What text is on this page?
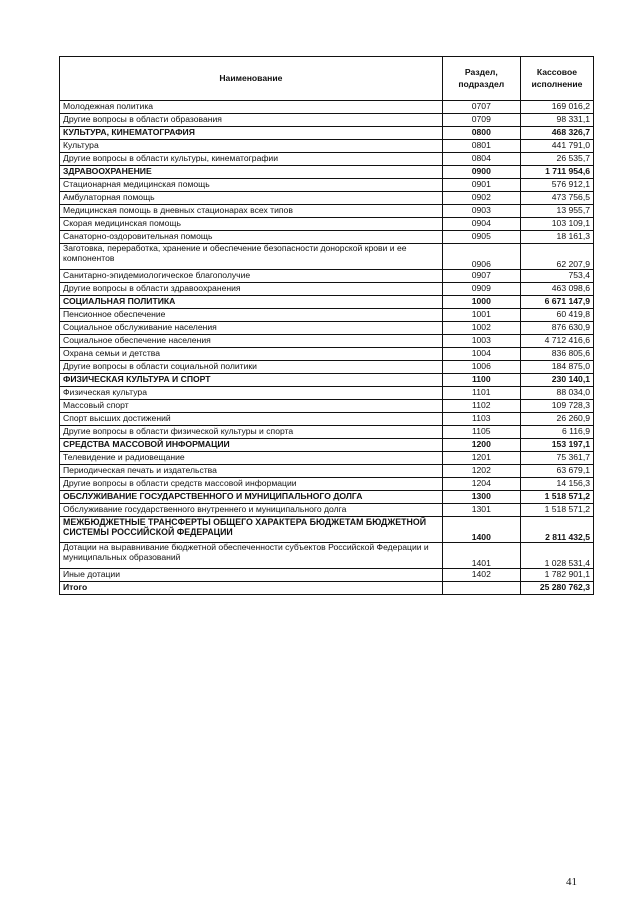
Наименование	Раздел, подраздел	Кассовое исполнение
Молодежная политика	0707	169 016,2
Другие вопросы в области образования	0709	98 331,1
КУЛЬТУРА, КИНЕМАТОГРАФИЯ	0800	468 326,7
Культура	0801	441 791,0
Другие вопросы в области культуры, кинематографии	0804	26 535,7
ЗДРАВООХРАНЕНИЕ	0900	1 711 954,6
Стационарная медицинская помощь	0901	576 912,1
Амбулаторная помощь	0902	473 756,5
Медицинская помощь в дневных стационарах всех типов	0903	13 955,7
Скорая медицинская помощь	0904	103 109,1
Санаторно-оздоровительная помощь	0905	18 161,3
Заготовка, переработка, хранение и обеспечение безопасности донорской крови и ее компонентов	0906	62 207,9
Санитарно-эпидемиологическое благополучие	0907	753,4
Другие вопросы в области здравоохранения	0909	463 098,6
СОЦИАЛЬНАЯ ПОЛИТИКА	1000	6 671 147,9
Пенсионное обеспечение	1001	60 419,8
Социальное обслуживание населения	1002	876 630,9
Социальное обеспечение населения	1003	4 712 416,6
Охрана семьи и детства	1004	836 805,6
Другие вопросы в области социальной политики	1006	184 875,0
ФИЗИЧЕСКАЯ КУЛЬТУРА И СПОРТ	1100	230 140,1
Физическая культура	1101	88 034,0
Массовый спорт	1102	109 728,3
Спорт высших достижений	1103	26 260,9
Другие вопросы в области физической культуры и спорта	1105	6 116,9
СРЕДСТВА МАССОВОЙ ИНФОРМАЦИИ	1200	153 197,1
Телевидение и радиовещание	1201	75 361,7
Периодическая печать и издательства	1202	63 679,1
Другие вопросы в области средств массовой информации	1204	14 156,3
ОБСЛУЖИВАНИЕ ГОСУДАРСТВЕННОГО И МУНИЦИПАЛЬНОГО ДОЛГА	1300	1 518 571,2
Обслуживание государственного внутреннего и муниципального долга	1301	1 518 571,2
МЕЖБЮДЖЕТНЫЕ ТРАНСФЕРТЫ ОБЩЕГО ХАРАКТЕРА БЮДЖЕТАМ БЮДЖЕТНОЙ СИСТЕМЫ РОССИЙСКОЙ ФЕДЕРАЦИИ	1400	2 811 432,5
Дотации на выравнивание бюджетной обеспеченности субъектов Российской Федерации и муниципальных образований	1401	1 028 531,4
Иные дотации	1402	1 782 901,1
Итого		25 280 762,3
41
